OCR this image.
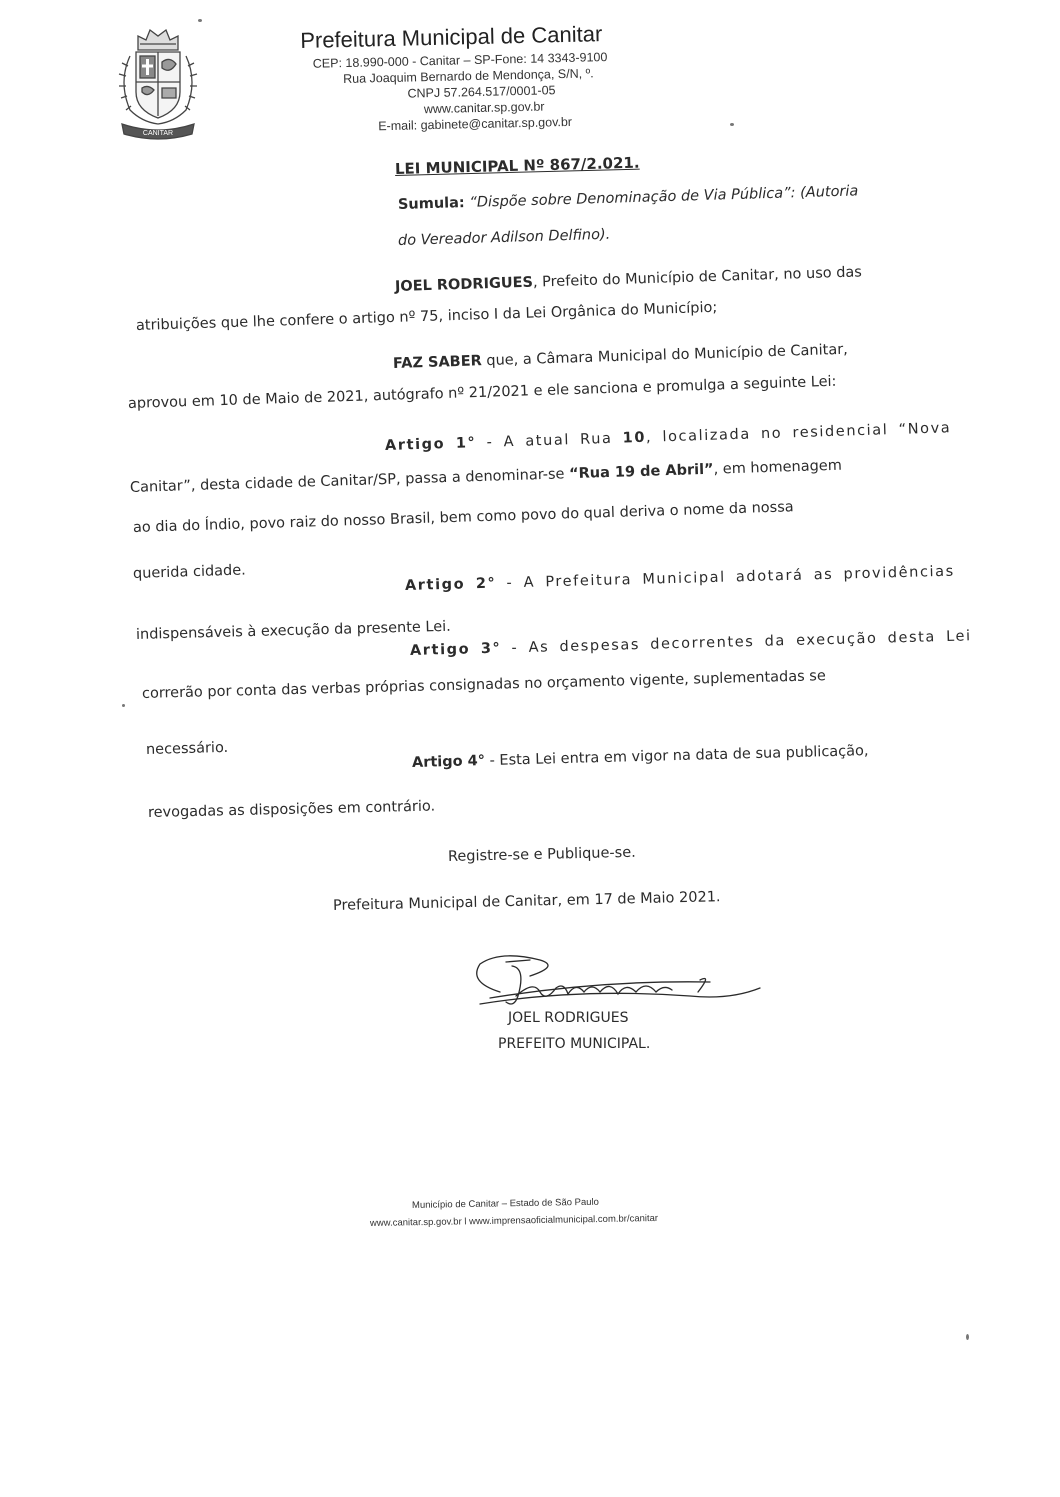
CANITAR
Prefeitura Municipal de Canitar
CEP: 18.990-000 - Canitar – SP-Fone: 14 3343-9100
Rua Joaquim Bernardo de Mendonça, S/N, º.
CNPJ 57.264.517/0001-05
www.canitar.sp.gov.br
E-mail: gabinete@canitar.sp.gov.br
LEI MUNICIPAL Nº 867/2.021.
Sumula: “Dispõe sobre Denominação de Via Pública”: (Autoria
do Vereador Adilson Delfino).
JOEL RODRIGUES, Prefeito do Município de Canitar, no uso das
atribuições que lhe confere o artigo nº 75, inciso I da Lei Orgânica do Município;
FAZ SABER que, a Câmara Municipal do Município de Canitar,
aprovou em 10 de Maio de 2021, autógrafo nº 21/2021 e ele sanciona e promulga a seguinte Lei:
Artigo 1° - A atual Rua 10, localizada no residencial “Nova
Canitar”, desta cidade de Canitar/SP, passa a denominar-se “Rua 19 de Abril”, em homenagem
ao dia do Índio, povo raiz do nosso Brasil, bem como povo do qual deriva o nome da nossa
querida cidade.
Artigo 2° - A Prefeitura Municipal adotará as providências
indispensáveis à execução da presente Lei.
Artigo 3° - As despesas decorrentes da execução desta Lei
correrão por conta das verbas próprias consignadas no orçamento vigente, suplementadas se
necessário.
Artigo 4° - Esta Lei entra em vigor na data de sua publicação,
revogadas as disposições em contrário.
Registre-se e Publique-se.
Prefeitura Municipal de Canitar, em 17 de Maio 2021.
JOEL RODRIGUES
PREFEITO MUNICIPAL.
Município de Canitar – Estado de São Paulo
www.canitar.sp.gov.br l www.imprensaoficialmunicipal.com.br/canitar
